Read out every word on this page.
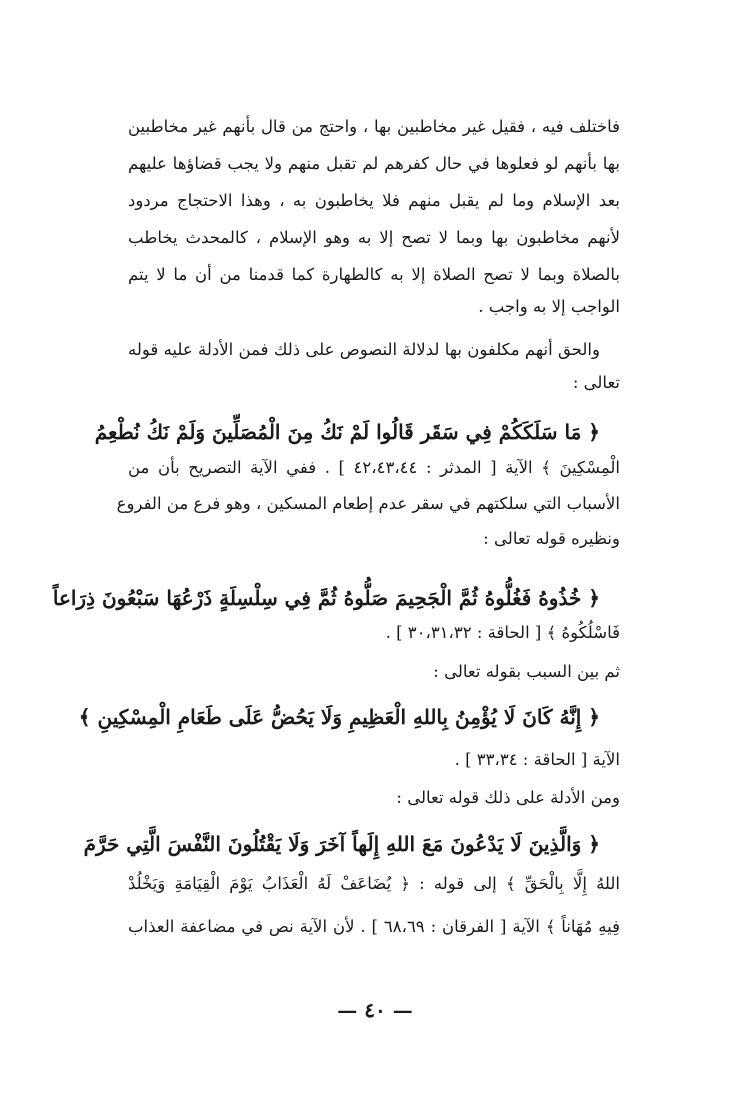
فاختلف فيه ، فقيل غير مخاطبين بها ، واحتج من قال بأنهم غير مخاطبين
بها بأنهم لو فعلوها في حال كفرهم لم تقبل منهم ولا يجب قضاؤها عليهم
بعد الإسلام وما لم يقبل منهم فلا يخاطبون به ، وهذا الاحتجاج مردود
لأنهم مخاطبون بها وبما لا تصح إلا به وهو الإسلام ، كالمحدث يخاطب
بالصلاة وبما لا تصح الصلاة إلا به كالطهارة كما قدمنا من أن ما لا يتم
الواجب إلا به واجب .
والحق أنهم مكلفون بها لدلالة النصوص على ذلك فمن الأدلة عليه قوله
تعالى :
﴿ مَا سَلَكَكُمْ فِي سَقَر قَالُوا لَمْ نَكُ مِنَ الْمُصَلِّينَ وَلَمْ نَكُ نُطْعِمُ
الْمِسْكِينَ ﴾ الآية [ المدثر : ٤٢،٤٣،٤٤ ] . ففي الآية التصريح بأن من
الأسباب التي سلكتهم في سقر عدم إطعام المسكين ، وهو فرع من الفروع
ونظيره قوله تعالى :
﴿ خُذُوهُ فَغُلُّوهُ ثُمَّ الْجَحِيمَ صَلُّوهُ ثُمَّ فِي سِلْسِلَةٍ ذَرْعُهَا سَبْعُونَ ذِرَاعاً
فَاسْلُكُوهُ ﴾ [ الحاقة : ٣٠،٣١،٣٢ ] .
ثم بين السبب بقوله تعالى :
﴿ إِنَّهُ كَانَ لَا يُؤْمِنُ بِاللهِ الْعَظِيمِ وَلَا يَحُضُّ عَلَى طَعَامِ الْمِسْكِينِ ﴾
الآية [ الحاقة : ٣٣،٣٤ ] .
ومن الأدلة على ذلك قوله تعالى :
﴿ وَالَّذِينَ لَا يَدْعُونَ مَعَ اللهِ إِلَهاً آخَرَ وَلَا يَقْتُلُونَ النَّفْسَ الَّتِي حَرَّمَ
اللهُ إِلَّا بِالْحَقِّ ﴾ إلى قوله : ﴿ يُضَاعَفْ لَهُ الْعَذَابُ يَوْمَ الْقِيَامَةِ وَيَخْلُدْ
فِيهِ مُهَاناً ﴾ الآية [ الفرقان : ٦٨،٦٩ ] . لأن الآية نص في مضاعفة العذاب
— ٤٠ —
